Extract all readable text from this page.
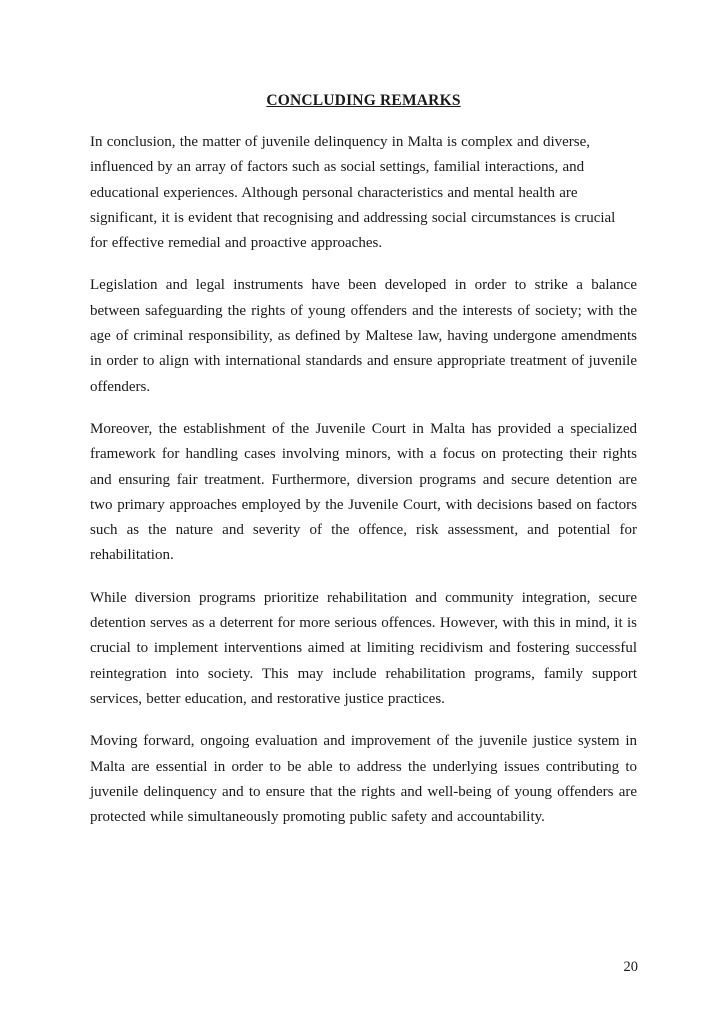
CONCLUDING REMARKS

In conclusion, the matter of juvenile delinquency in Malta is complex and diverse, influenced by an array of factors such as social settings, familial interactions, and educational experiences. Although personal characteristics and mental health are significant, it is evident that recognising and addressing social circumstances is crucial for effective remedial and proactive approaches.

Legislation and legal instruments have been developed in order to strike a balance between safeguarding the rights of young offenders and the interests of society; with the age of criminal responsibility, as defined by Maltese law, having undergone amendments in order to align with international standards and ensure appropriate treatment of juvenile offenders.

Moreover, the establishment of the Juvenile Court in Malta has provided a specialized framework for handling cases involving minors, with a focus on protecting their rights and ensuring fair treatment. Furthermore, diversion programs and secure detention are two primary approaches employed by the Juvenile Court, with decisions based on factors such as the nature and severity of the offence, risk assessment, and potential for rehabilitation.

While diversion programs prioritize rehabilitation and community integration, secure detention serves as a deterrent for more serious offences. However, with this in mind, it is crucial to implement interventions aimed at limiting recidivism and fostering successful reintegration into society. This may include rehabilitation programs, family support services, better education, and restorative justice practices.

Moving forward, ongoing evaluation and improvement of the juvenile justice system in Malta are essential in order to be able to address the underlying issues contributing to juvenile delinquency and to ensure that the rights and well-being of young offenders are protected while simultaneously promoting public safety and accountability.

20
